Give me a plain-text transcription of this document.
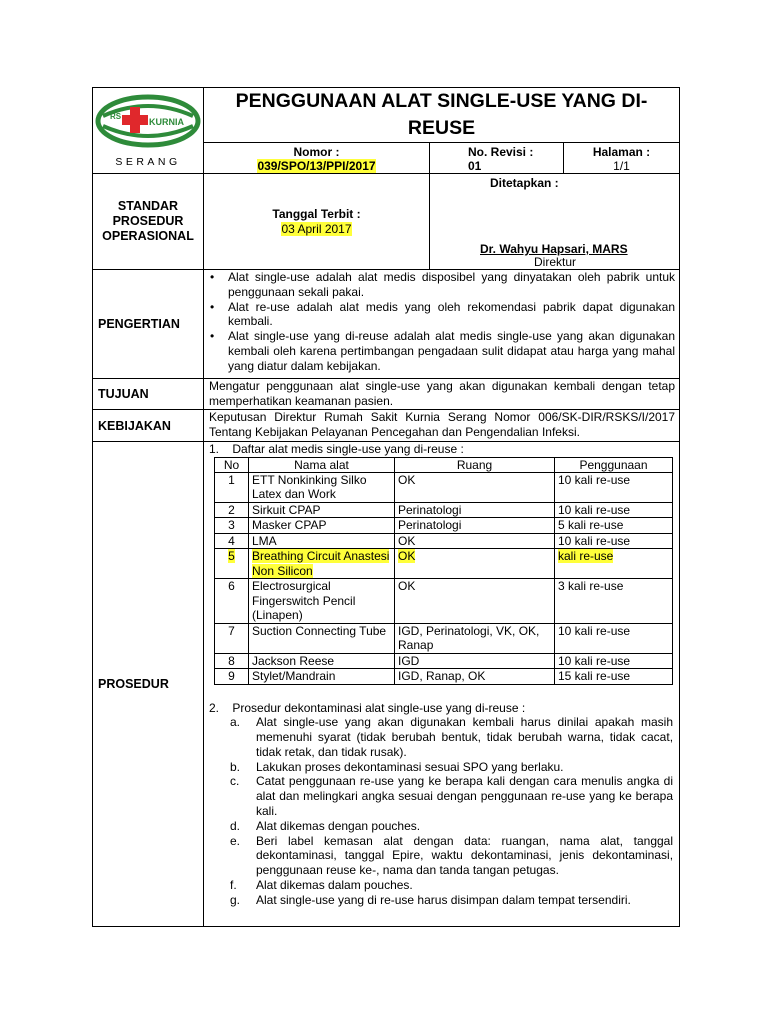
RS
KURNIA
SERANG

PENGGUNAAN ALAT SINGLE-USE YANG DI-REUSE

Nomor :
039/SPO/13/PPI/2017

No. Revisi :
01

Halaman :
1/1

STANDAR PROSEDUR OPERASIONAL	
Tanggal Terbit :
03 April 2017

Ditetapkan :
Dr. Wahyu Hapsari, MARS
Direktur

PENGERTIAN	
• Alat single-use adalah alat medis disposibel yang dinyatakan oleh pabrik untuk penggunaan sekali pakai.
• Alat re-use adalah alat medis yang oleh rekomendasi pabrik dapat digunakan kembali.
• Alat single-use yang di-reuse adalah alat medis single-use yang akan digunakan kembali oleh karena pertimbangan pengadaan sulit didapat atau harga yang mahal yang diatur dalam kebijakan.

TUJUAN	Mengatur penggunaan alat single-use yang akan digunakan kembali dengan tetap memperhatikan keamanan pasien.
KEBIJAKAN	Keputusan Direktur Rumah Sakit Kurnia Serang Nomor 006/SK-DIR/RSKS/I/2017 Tentang Kebijakan Pelayanan Pencegahan dan Pengendalian Infeksi.
PROSEDUR	
1.    Daftar alat medis single-use yang di-reuse :
No	Nama alat	Ruang	Penggunaan
1	ETT Nonkinking Silko Latex dan Work	OK	10 kali re-use
2	Sirkuit CPAP	Perinatologi	10 kali re-use
3	Masker CPAP	Perinatologi	5 kali re-use
4	LMA	OK	10 kali re-use
5	Breathing Circuit Anastesi Non Silicon	OK	kali re-use
6	Electrosurgical Fingerswitch Pencil (Linapen)	OK	3 kali re-use
7	Suction Connecting Tube	IGD, Perinatologi, VK, OK, Ranap	10 kali re-use
8	Jackson Reese	IGD	10 kali re-use
9	Stylet/Mandrain	IGD, Ranap, OK	15 kali re-use
2.    Prosedur dekontaminasi alat single-use yang di-reuse :
a. Alat single-use yang akan digunakan kembali harus dinilai apakah masih memenuhi syarat (tidak berubah bentuk, tidak berubah warna, tidak cacat, tidak retak, dan tidak rusak).
b. Lakukan proses dekontaminasi sesuai SPO yang berlaku.
c. Catat penggunaan re-use yang ke berapa kali dengan cara menulis angka di alat dan melingkari angka sesuai dengan penggunaan re-use yang ke berapa kali.
d. Alat dikemas dengan pouches.
e. Beri label kemasan alat dengan data: ruangan, nama alat, tanggal dekontaminasi, tanggal Epire, waktu dekontaminasi, jenis dekontaminasi, penggunaan reuse ke-, nama dan tanda tangan petugas.
f. Alat dikemas dalam pouches.
g. Alat single-use yang di re-use harus disimpan dalam tempat tersendiri.
